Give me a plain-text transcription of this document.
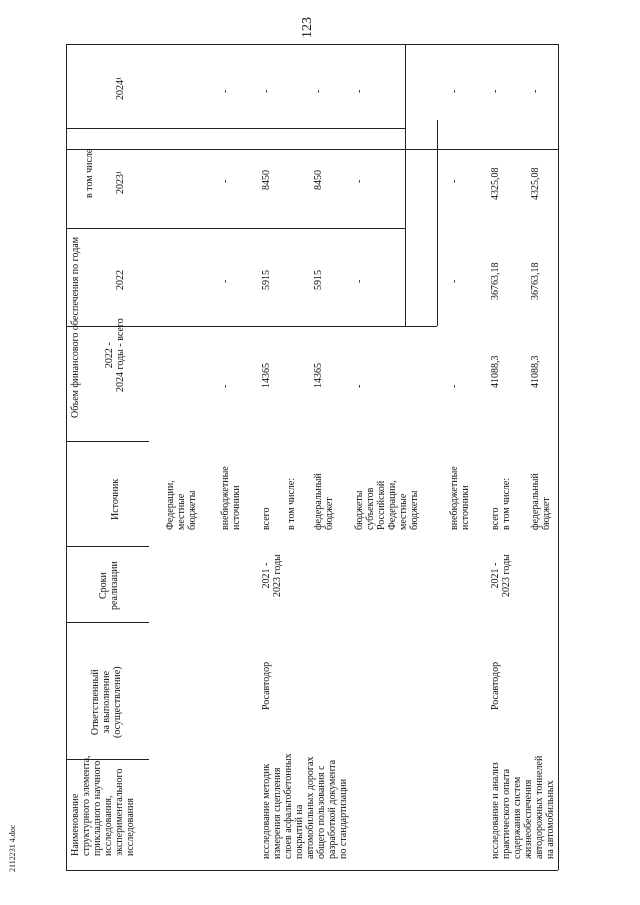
123
2112231 4.doc	Наименование
структурного элемента,
прикладного научного
исследования,
экспериментального
исследования
Ответственный
за выполнение
(осуществление)
Сроки
реализации
Источник
Объем финансового обеспечения по годам 2022 -
2024 годы - всего
2022
в том числе 2023¹
2024¹
Федерации,
местные
бюджеты внебюджетные
источники
-
-
-
-
исследование методик
измерения сцепления
слоев асфальтобетонных
покрытий на
автомобильных дорогах
общего пользования с
разработкой документа
по стандартизации
Росавтодор
2021 -
2023 годы
всего
14365
5915
8450
-
в том числе: федеральный
бюджет
14365
5915
8450
-
бюджеты
субъектов
Российской
Федерации,
местные
бюджеты
-
-
-
-
внебюджетные
источники
-
-
-
-
исследование и анализ
практического опыта
содержания систем
жизнеобеспечения
автодорожных тоннелей
на автомобильных
Росавтодор
2021 -
2023 годы
всего
в том числе:
41088,3
36763,18
4325,08
-
федеральный
бюджет
41088,3
36763,18
4325,08
-
